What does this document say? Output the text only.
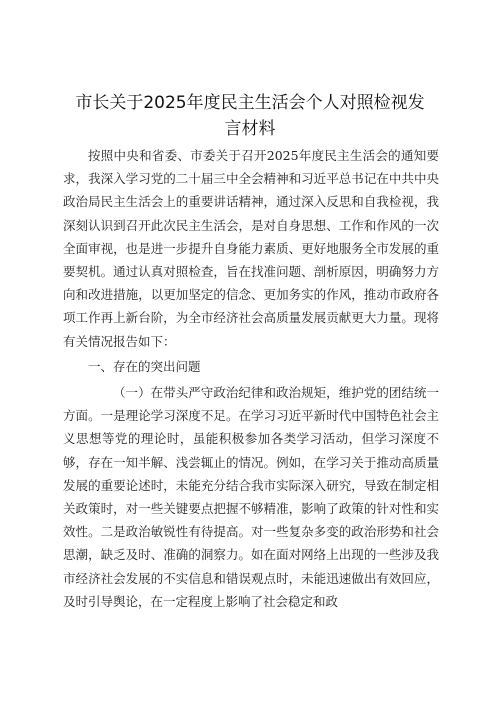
市长关于2025年度民主生活会个人对照检视发
言材料

按照中央和省委、市委关于召开2025年度民主生活会的通知要求，我深入学习党的二十届三中全会精神和习近平总书记在中共中央政治局民主生活会上的重要讲话精神，通过深入反思和自我检视，我深刻认识到召开此次民主生活会，是对自身思想、工作和作风的一次全面审视，也是进一步提升自身能力素质、更好地服务全市发展的重要契机。通过认真对照检查，旨在找准问题、剖析原因，明确努力方向和改进措施，以更加坚定的信念、更加务实的作风，推动市政府各项工作再上新台阶，为全市经济社会高质量发展贡献更大力量。现将有关情况报告如下：

一、存在的突出问题

（一）在带头严守政治纪律和政治规矩，维护党的团结统一方面。一是理论学习深度不足。在学习习近平新时代中国特色社会主义思想等党的理论时，虽能积极参加各类学习活动，但学习深度不够，存在一知半解、浅尝辄止的情况。例如，在学习关于推动高质量发展的重要论述时，未能充分结合我市实际深入研究，导致在制定相关政策时，对一些关键要点把握不够精准，影响了政策的针对性和实效性。二是政治敏锐性有待提高。对一些复杂多变的政治形势和社会思潮，缺乏及时、准确的洞察力。如在面对网络上出现的一些涉及我市经济社会发展的不实信息和错误观点时，未能迅速做出有效回应，及时引导舆论，在一定程度上影响了社会稳定和政
